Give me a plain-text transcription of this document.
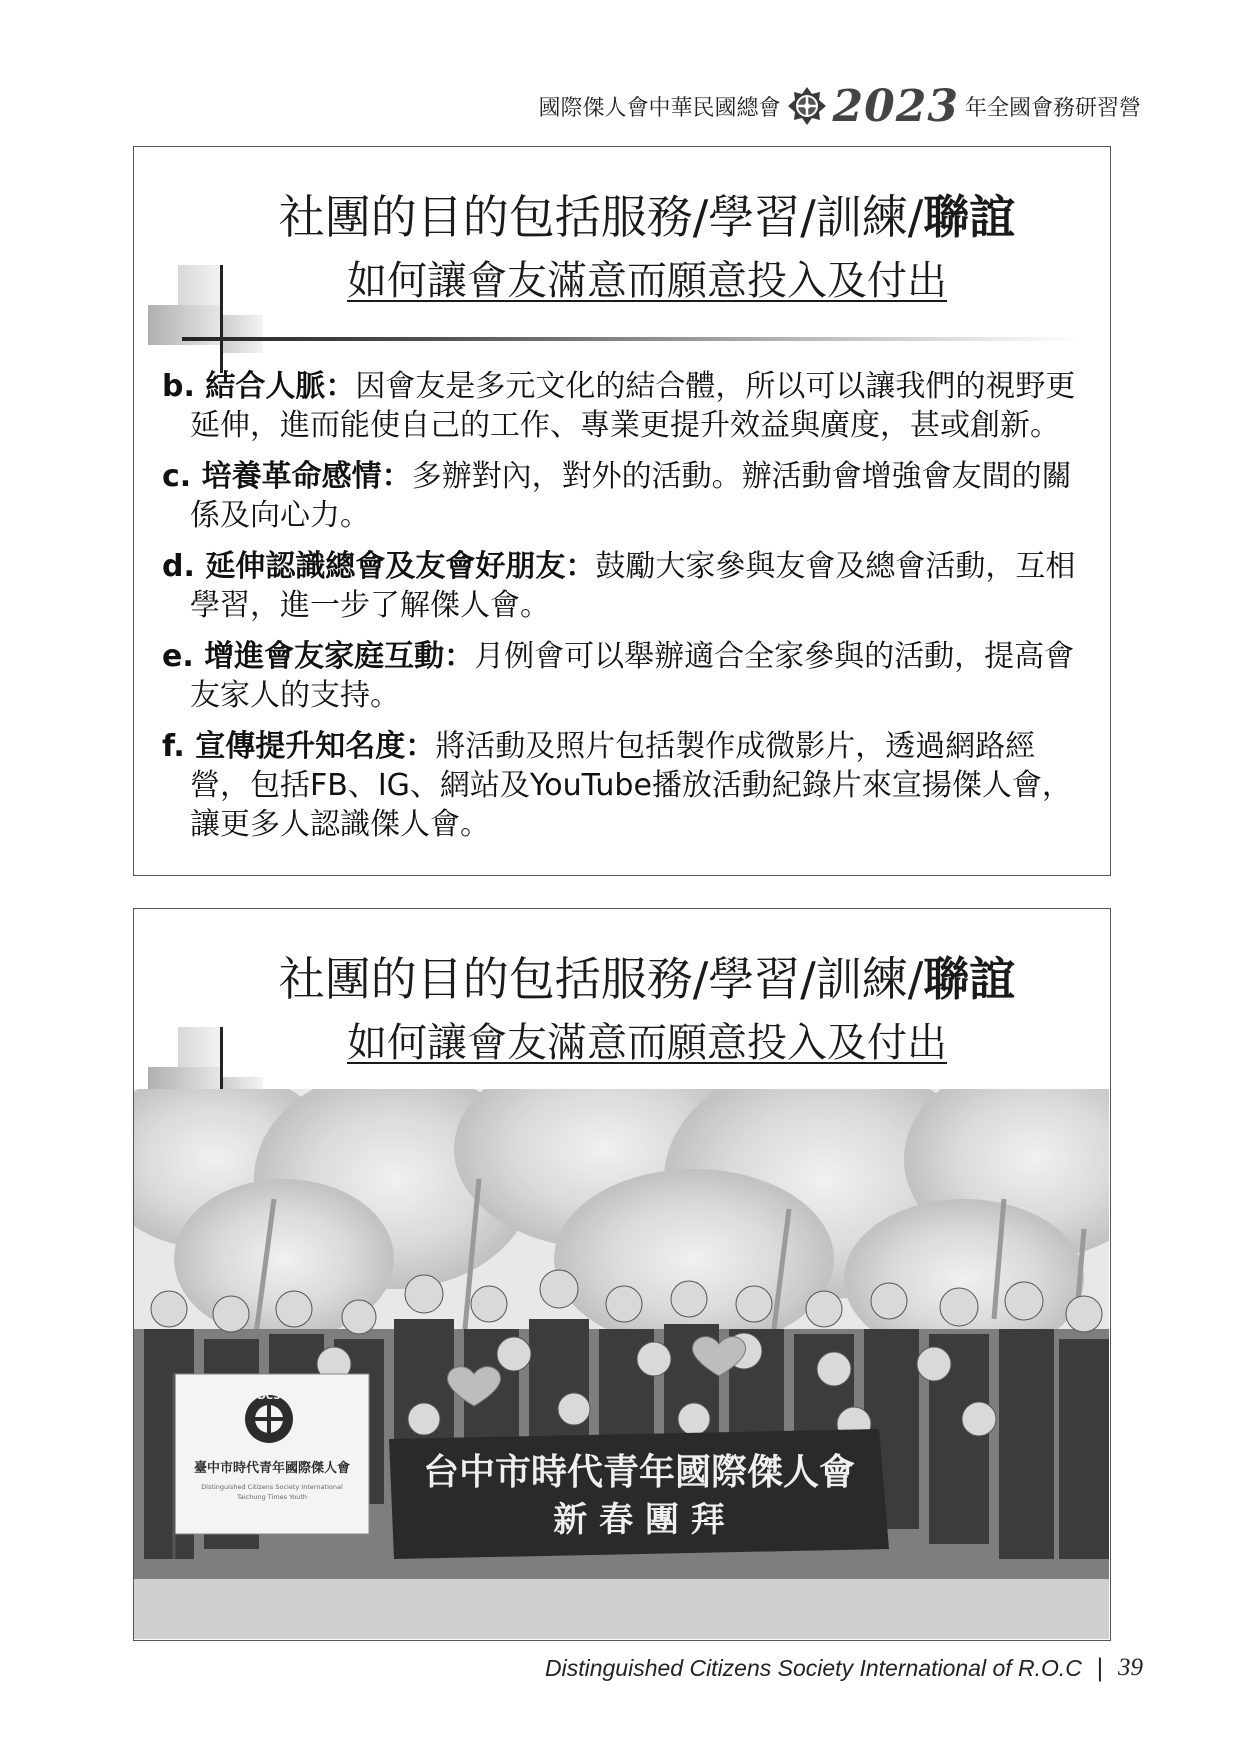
國際傑人會中華民國總會 2023 年全國會務研習營
社團的目的包括服務/學習/訓練/聯誼
如何讓會友滿意而願意投入及付出
b. 結合人脈：因會友是多元文化的結合體，所以可以讓我們的視野更延伸，進而能使自己的工作、專業更提升效益與廣度，甚或創新。
c. 培養革命感情：多辦對內，對外的活動。辦活動會增強會友間的關係及向心力。
d. 延伸認識總會及友會好朋友：鼓勵大家參與友會及總會活動，互相學習，進一步了解傑人會。
e. 增進會友家庭互動：月例會可以舉辦適合全家參與的活動，提高會友家人的支持。
f. 宣傳提升知名度：將活動及照片包括製作成微影片，透過網路經營，包括FB、IG、網站及YouTube播放活動紀錄片來宣揚傑人會，讓更多人認識傑人會。
社團的目的包括服務/學習/訓練/聯誼
如何讓會友滿意而願意投入及付出
DCS
臺中市時代青年國際傑人會
Distinguished Citizens Society International
Taichung Times Youth
台中市時代青年國際傑人會
新 春 團 拜
Distinguished Citizens Society International of R.O.C | 39
